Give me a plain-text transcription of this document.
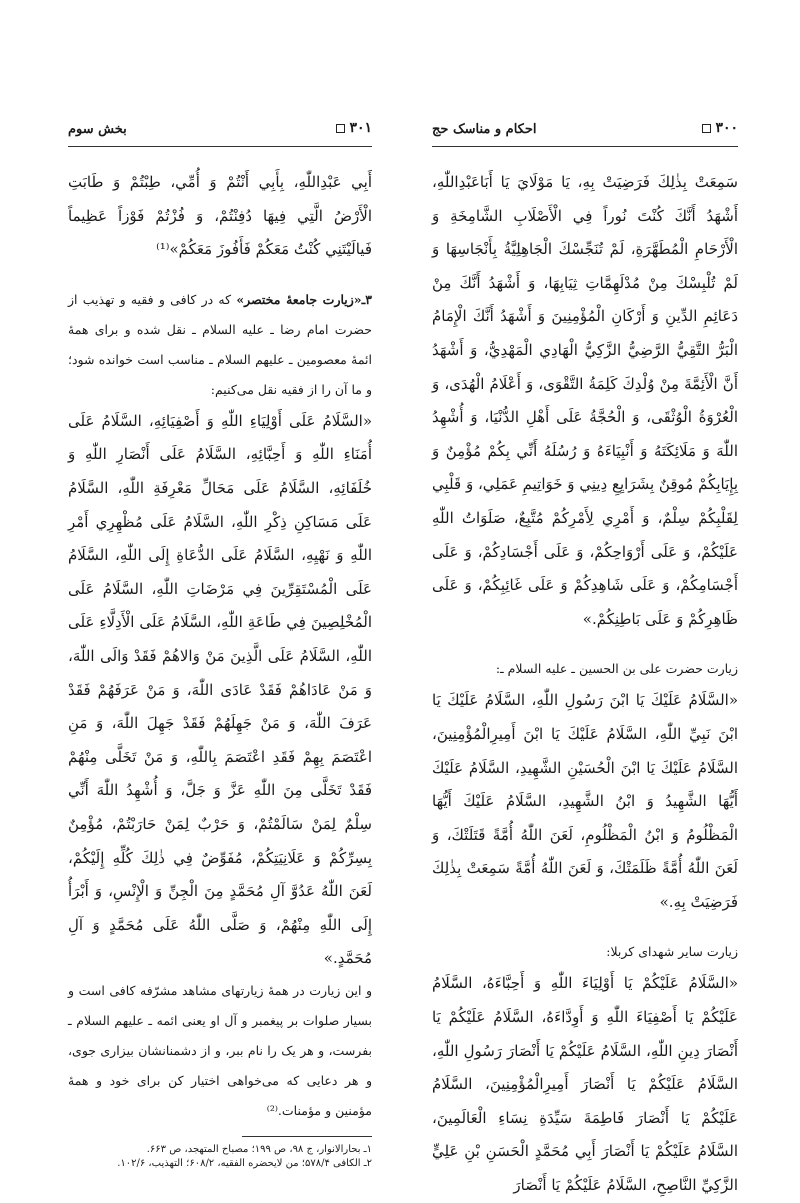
بخش سوم	۳۰۱

أَبِي عَبْدِاللّٰهِ، بِأَبِي أَنْتُمْ وَ أُمِّي، طِبْتُمْ وَ طَابَتِ الْأَرْضُ الَّتِي فِيهَا دُفِنْتُمْ، وَ فُزْتُمْ فَوْزاً عَظِيماً فَيالَيْتَنِي كُنْتُ مَعَكُمْ فَأَفُوزَ مَعَكُمْ»⁽¹⁾

۳ـ«زیارت جامعهٔ مختصر» كه در كافی و فقیه و تهذيب از حضرت امام رضا ـ علیه السلام ـ نقل شده و برای همهٔ ائمهٔ معصومین ـ علیهم السلام ـ مناسب است خوانده شود؛ و ما آن را از فقیه نقل می‌كنيم:

«السَّلَامُ عَلَى أَوْلِيَاءِ اللّٰهِ وَ أَصْفِيَائِهِ، السَّلَامُ عَلَى أُمَنَاءِ اللّٰهِ وَ أَحِبَّائِهِ، السَّلَامُ عَلَى أَنْصَارِ اللّٰهِ وَ خُلَفَائِهِ، السَّلَامُ عَلَى مَحَالِّ مَعْرِفَةِ اللّٰهِ، السَّلَامُ عَلَى مَسَاكِنِ ذِكْرِ اللّٰهِ، السَّلَامُ عَلَى مُظْهِرِي أَمْرِ اللّٰهِ وَ نَهْيِهِ، السَّلَامُ عَلَى الدُّعَاةِ إِلَى اللّٰهِ، السَّلَامُ عَلَى الْمُسْتَقِرِّينَ فِي مَرْضَاتِ اللّٰهِ، السَّلَامُ عَلَى الْمُخْلِصِينَ فِي طَاعَةِ اللّٰهِ، السَّلَامُ عَلَى الْأَدِلَّاءِ عَلَى اللّٰهِ، السَّلَامُ عَلَى الَّذِينَ مَنْ وَالاهُمْ فَقَدْ وَالَى اللّٰهَ، وَ مَنْ عَادَاهُمْ فَقَدْ عَادَى اللّٰهَ، وَ مَنْ عَرَفَهُمْ فَقَدْ عَرَفَ اللّٰهَ، وَ مَنْ جَهِلَهُمْ فَقَدْ جَهِلَ اللّٰهَ، وَ مَنِ اعْتَصَمَ بِهِمْ فَقَدِ اعْتَصَمَ بِاللّٰهِ، وَ مَنْ تَخَلَّى مِنْهُمْ فَقَدْ تَخَلَّى مِنَ اللّٰهِ عَزَّ وَ جَلَّ، وَ أُشْهِدُ اللّٰهَ أَنِّي سِلْمٌ لِمَنْ سَالَمْتُمْ، وَ حَرْبٌ لِمَنْ حَارَبْتُمْ، مُؤْمِنٌ بِسِرِّكُمْ وَ عَلَانِيَتِكُمْ، مُفَوِّضٌ فِي ذٰلِكَ كُلِّهِ إِلَيْكُمْ، لَعَنَ اللّٰهُ عَدُوَّ آلِ مُحَمَّدٍ مِنَ الْجِنِّ وَ الْإِنْسِ، وَ أَبْرَأُ إِلَى اللّٰهِ مِنْهُمْ، وَ صَلَّى اللّٰهُ عَلَى مُحَمَّدٍ وَ آلِ مُحَمَّدٍ.»

و این زیارت در همهٔ زیارتهای مشاهد مشرّفه كافی است و بسیار صلوات بر پیغمبر و آل او یعنی ائمه ـ علیهم السلام ـ بفرست، و هر یک را نام ببر، و از دشمنانشان بیزاری جوی، و هر دعايی كه می‌خواهی اختيار كن برای خود و همهٔ مؤمنين و مؤمنات.⁽²⁾

۱ـ بحارالانوار، ج ۹۸، ص ۱۹۹؛ مصباح المتهجد، ص ۶۶۳.

۲ـ الكافی ۵۷۸/۴؛ من لايحضره الفقيه، ۶۰۸/۲؛ التهذيب، ۱۰۲/۶.

احكام و مناسک حج	۳۰۰

سَمِعَتْ بِذٰلِكَ فَرَضِيَتْ بِهِ، يَا مَوْلَايَ يَا أَبَاعَبْدِاللّٰهِ، أَشْهَدُ أَنَّكَ كُنْتَ نُوراً فِي الْأَصْلَابِ الشَّامِخَةِ وَ الْأَرْحَامِ الْمُطَهَّرَةِ، لَمْ تُنَجِّسْكَ الْجَاهِلِيَّةُ بِأَنْجَاسِهَا وَ لَمْ تُلْبِسْكَ مِنْ مُدْلَهِمَّاتِ ثِيَابِهَا، وَ أَشْهَدُ أَنَّكَ مِنْ دَعَائِمِ الدِّينِ وَ أَرْكَانِ الْمُؤْمِنِينَ وَ أَشْهَدُ أَنَّكَ الْإِمَامُ الْبَرُّ التَّقِيُّ الرَّضِيُّ الزَّكِيُّ الْهَادِي الْمَهْدِيُّ، وَ أَشْهَدُ أَنَّ الْأَئِمَّةَ مِنْ وُلْدِكَ كَلِمَةُ التَّقْوَى، وَ أَعْلَامُ الْهُدَى، وَ الْعُرْوَةُ الْوُثْقَى، وَ الْحُجَّةُ عَلَى أَهْلِ الدُّنْيَا، وَ أُشْهِدُ اللّٰهَ وَ مَلَائِكَتَهُ وَ أَنْبِيَاءَهُ وَ رُسُلَهُ أَنِّي بِكُمْ مُؤْمِنٌ وَ بِإِيَابِكُمْ مُوقِنٌ بِشَرَايِعِ دِينِي وَ خَوَاتِيمِ عَمَلِي، وَ قَلْبِي لِقَلْبِكُمْ سِلْمٌ، وَ أَمْرِي لِأَمْرِكُمْ مُتَّبِعٌ، صَلَوَاتُ اللّٰهِ عَلَيْكُمْ، وَ عَلَى أَرْوَاحِكُمْ، وَ عَلَى أَجْسَادِكُمْ، وَ عَلَى أَجْسَامِكُمْ، وَ عَلَى شَاهِدِكُمْ وَ عَلَى غَائِبِكُمْ، وَ عَلَى ظَاهِرِكُمْ وَ عَلَى بَاطِنِكُمْ.»

زيارت حضرت علی بن الحسين ـ علیه السلام ـ:

«السَّلَامُ عَلَيْكَ يَا ابْنَ رَسُولِ اللّٰهِ، السَّلَامُ عَلَيْكَ يَا ابْنَ نَبِيِّ اللّٰهِ، السَّلَامُ عَلَيْكَ يَا ابْنَ أَمِيرِالْمُؤْمِنِينَ، السَّلَامُ عَلَيْكَ يَا ابْنَ الْحُسَيْنِ الشَّهِيدِ، السَّلَامُ عَلَيْكَ أَيُّهَا الشَّهِيدُ وَ ابْنُ الشَّهِيدِ، السَّلَامُ عَلَيْكَ أَيُّهَا الْمَظْلُومُ وَ ابْنُ الْمَظْلُومِ، لَعَنَ اللّٰهُ أُمَّةً قَتَلَتْكَ، وَ لَعَنَ اللّٰهُ أُمَّةً ظَلَمَتْكَ، وَ لَعَنَ اللّٰهُ أُمَّةً سَمِعَتْ بِذٰلِكَ فَرَضِيَتْ بِهِ.»

زيارت ساير شهدای كربلا:

«السَّلَامُ عَلَيْكُمْ يَا أَوْلِيَاءَ اللّٰهِ وَ أَحِبَّاءَهُ، السَّلَامُ عَلَيْكُمْ يَا أَصْفِيَاءَ اللّٰهِ وَ أَوِدَّاءَهُ، السَّلَامُ عَلَيْكُمْ يَا أَنْصَارَ دِينِ اللّٰهِ، السَّلَامُ عَلَيْكُمْ يَا أَنْصَارَ رَسُولِ اللّٰهِ، السَّلَامُ عَلَيْكُمْ يَا أَنْصَارَ أَمِيرِالْمُؤْمِنِينَ، السَّلَامُ عَلَيْكُمْ يَا أَنْصَارَ فَاطِمَةَ سَيِّدَةِ نِسَاءِ الْعَالَمِينَ، السَّلَامُ عَلَيْكُمْ يَا أَنْصَارَ أَبِي مُحَمَّدٍ الْحَسَنِ بْنِ عَلِيٍّ الزَّكِيِّ النَّاصِحِ، السَّلَامُ عَلَيْكُمْ يَا أَنْصَارَ
